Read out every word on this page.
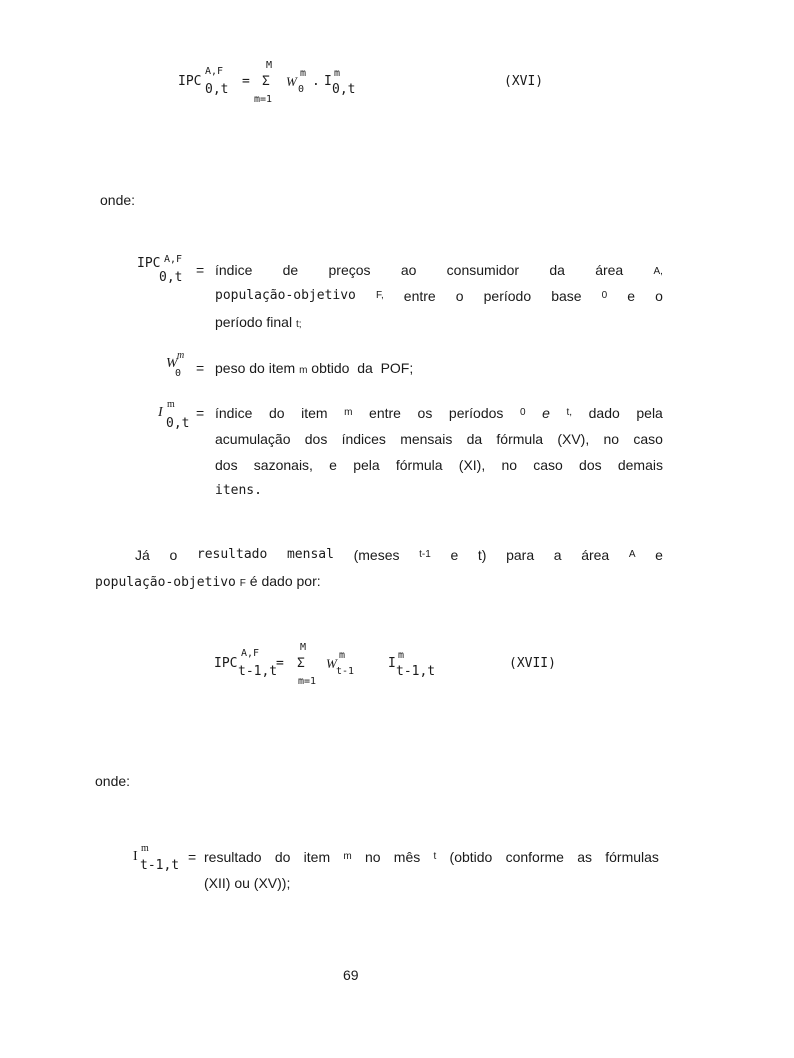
IPC
A,F
0,t
=
M
Σ
m=1
W
m
0
. I
m
0,t
(XVI)
onde:
IPC A,F
0,t = índice de preços ao consumidor da área	A,
população-objetivo F, entre o período base 0 e o
período final t;
W
m
0 = peso do item m obtido  da  POF;
I
m
0,t
= índice do item m entre os períodos 0 e t, dado pela
acumulação dos índices mensais da fórmula (XV), no caso
dos sazonais, e pela fórmula (XI), no caso dos demais
itens.
Já o resultado mensal (meses t-1 e t) para a área A e
população-objetivo F é dado por:
IPC
A,F
t-1,t
=
M
Σ
m=1
W
m
t-1
I
m
t-1,t
(XVII)
onde:
I
m
t-1,t
= resultado do item m no mês t (obtido conforme as fórmulas
(XII) ou (XV));
69
